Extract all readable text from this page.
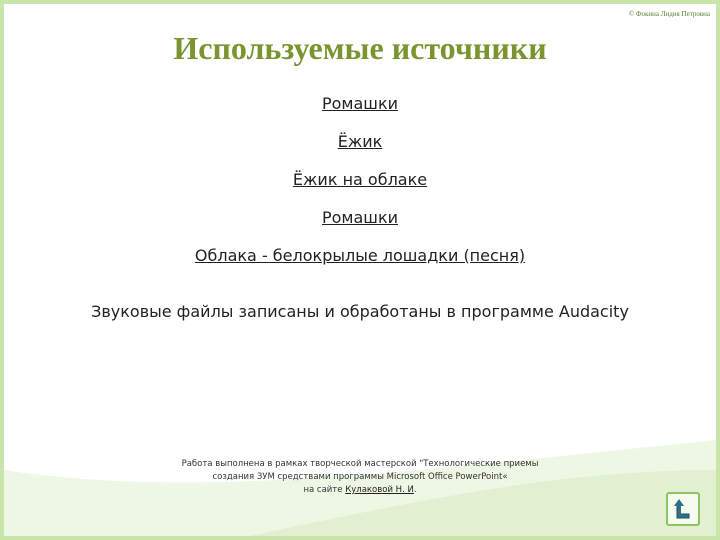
© Фокина Лидия Петровна
Используемые источники
Ромашки
Ёжик
Ёжик на облаке
Ромашки
Облака - белокрылые лошадки (песня)
Звуковые файлы записаны и обработаны в программе Audacity
Работа выполнена в рамках творческой мастерской "Технологические приемы
создания ЗУМ средствами программы Microsoft Office PowerPoint«
на сайте Кулаковой Н. И.
